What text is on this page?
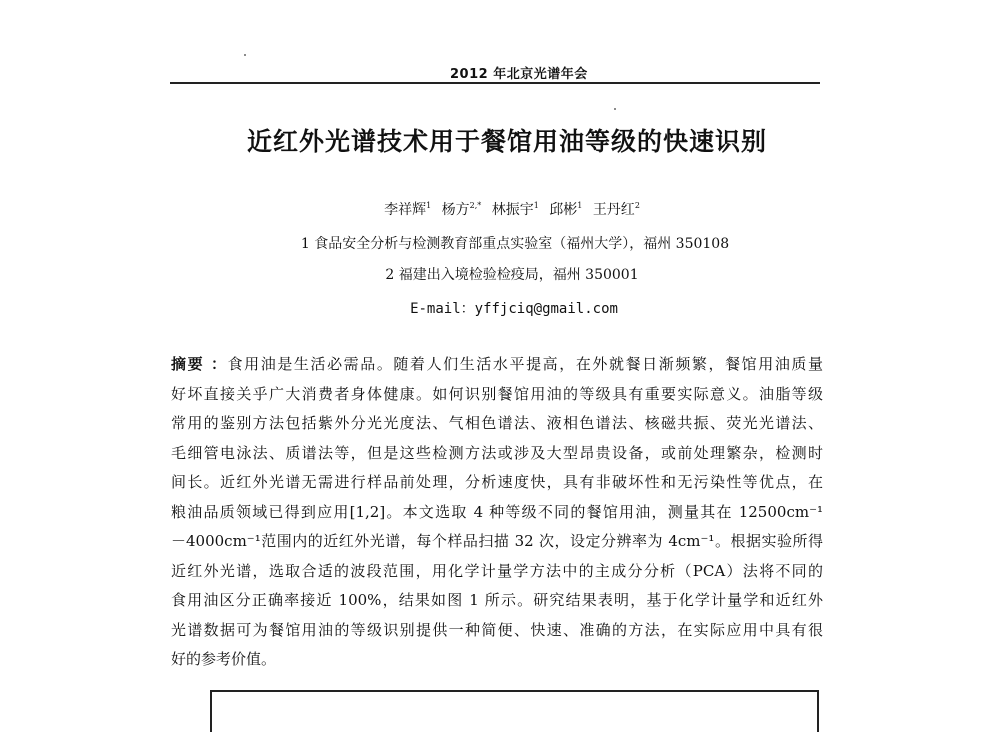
2012 年北京光谱年会
近红外光谱技术用于餐馆用油等级的快速识别
李祥辉$^1$ 杨方$^{2,*}$ 林振宇$^1$ 邱彬$^1$ 王丹红$^2$
1 食品安全分析与检测教育部重点实验室（福州大学），福州 350108
2 福建出入境检验检疫局，福州 350001
E-mail：yffjciq@gmail.com
摘要 ：食用油是生活必需品。随着人们生活水平提高，在外就餐日渐频繁，餐馆用油质量
好坏直接关乎广大消费者身体健康。如何识别餐馆用油的等级具有重要实际意义。油脂等级
常用的鉴别方法包括紫外分光光度法、气相色谱法、液相色谱法、核磁共振、荧光光谱法、
毛细管电泳法、质谱法等，但是这些检测方法或涉及大型昂贵设备，或前处理繁杂，检测时
间长。近红外光谱无需进行样品前处理，分析速度快，具有非破坏性和无污染性等优点，在
粮油品质领域已得到应用[1,2]。本文选取 4 种等级不同的餐馆用油，测量其在 12500cm⁻¹
－4000cm⁻¹范围内的近红外光谱，每个样品扫描 32 次，设定分辨率为 4cm⁻¹。根据实验所得
近红外光谱，选取合适的波段范围，用化学计量学方法中的主成分分析（PCA）法将不同的
食用油区分正确率接近 100%，结果如图 1 所示。研究结果表明，基于化学计量学和近红外
光谱数据可为餐馆用油的等级识别提供一种简便、快速、准确的方法，在实际应用中具有很
好的参考价值。
